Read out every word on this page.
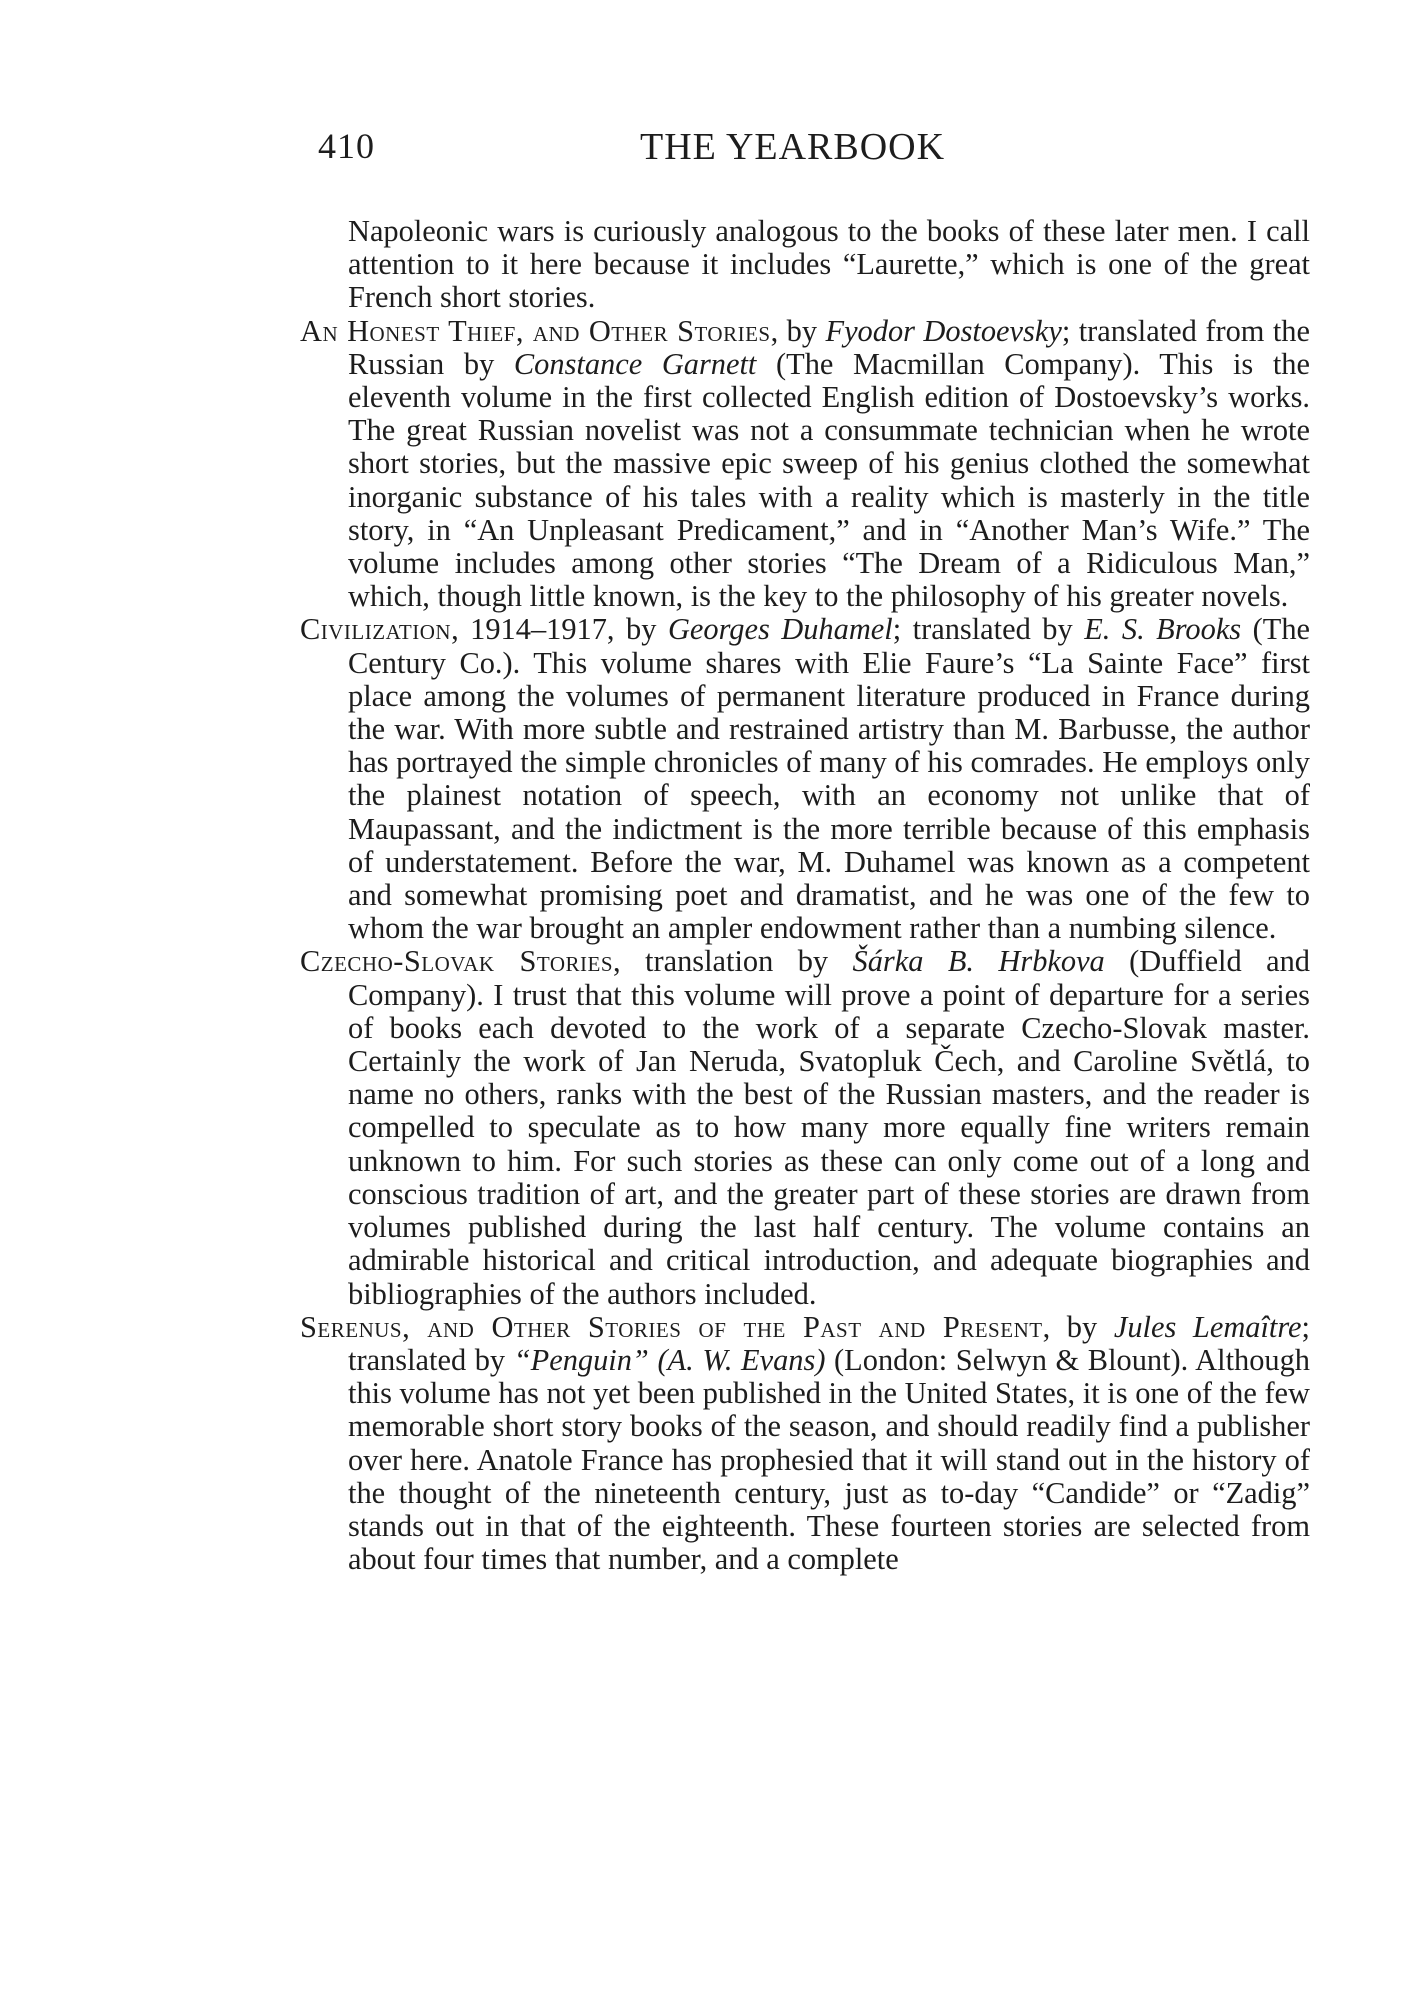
410	THE YEARBOOK

Napoleonic wars is curiously analogous to the books of these later men. I call attention to it here because it includes “Laurette,” which is one of the great French short stories.

An Honest Thief, and Other Stories, by Fyodor Dostoevsky; translated from the Russian by Constance Garnett (The Macmillan Company). This is the eleventh volume in the first collected English edition of Dostoevsky’s works. The great Russian novelist was not a consummate technician when he wrote short stories, but the massive epic sweep of his genius clothed the somewhat inorganic substance of his tales with a reality which is masterly in the title story, in “An Unpleasant Predicament,” and in “Another Man’s Wife.” The volume includes among other stories “The Dream of a Ridiculous Man,” which, though little known, is the key to the philosophy of his greater novels.

Civilization, 1914–1917, by Georges Duhamel; translated by E. S. Brooks (The Century Co.). This volume shares with Elie Faure’s “La Sainte Face” first place among the volumes of permanent literature produced in France during the war. With more subtle and restrained artistry than M. Barbusse, the author has portrayed the simple chronicles of many of his comrades. He employs only the plainest notation of speech, with an economy not unlike that of Maupassant, and the indictment is the more terrible because of this emphasis of understatement. Before the war, M. Duhamel was known as a competent and somewhat promising poet and dramatist, and he was one of the few to whom the war brought an ampler endowment rather than a numbing silence.

Czecho-Slovak Stories, translation by Šárka B. Hrbkova (Duffield and Company). I trust that this volume will prove a point of departure for a series of books each devoted to the work of a separate Czecho-Slovak master. Certainly the work of Jan Neruda, Svatopluk Čech, and Caroline Světlá, to name no others, ranks with the best of the Russian masters, and the reader is compelled to speculate as to how many more equally fine writers remain unknown to him. For such stories as these can only come out of a long and conscious tradition of art, and the greater part of these stories are drawn from volumes published during the last half century. The volume contains an admirable historical and critical introduction, and adequate biographies and bibliographies of the authors included.

Serenus, and Other Stories of the Past and Present, by Jules Lemaître; translated by “Penguin” (A. W. Evans) (London: Selwyn & Blount). Although this volume has not yet been published in the United States, it is one of the few memorable short story books of the season, and should readily find a publisher over here. Anatole France has prophesied that it will stand out in the history of the thought of the nineteenth century, just as to-day “Candide” or “Zadig” stands out in that of the eighteenth. These fourteen stories are selected from about four times that number, and a complete
